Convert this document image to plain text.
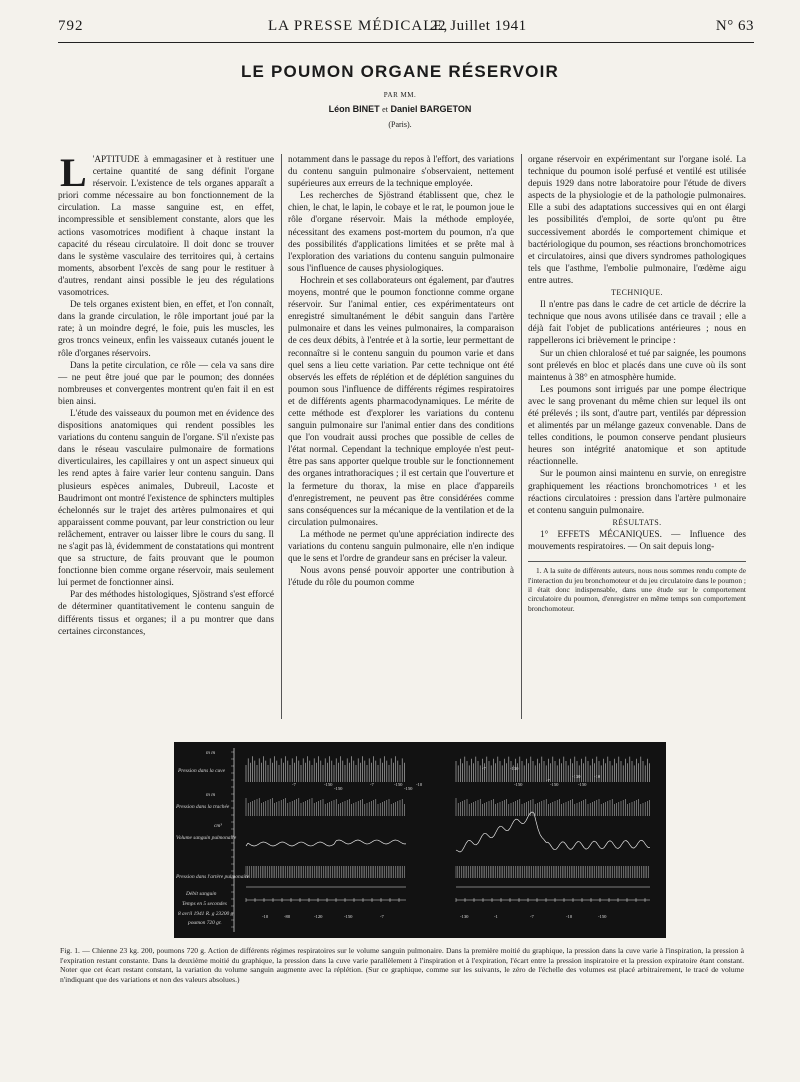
792	LA PRESSE MÉDICALE,
22 Juillet 1941	N° 63
LE POUMON ORGANE RÉSERVOIR
PAR MM.
Léon BINET et Daniel BARGETON
(Paris).

L 'APTITUDE à emmagasiner et à restituer une certaine quantité de sang définit l'organe réservoir. L'existence de tels organes apparaît a priori comme nécessaire au bon fonctionnement de la circulation. La masse sanguine est, en effet, incompressible et sensiblement constante, alors que les actions vasomotrices modifient à chaque instant la capacité du réseau circulatoire. Il doit donc se trouver dans le système vasculaire des territoires qui, à certains moments, absorbent l'excès de sang pour le restituer à d'autres, rendant ainsi possible le jeu des régulations vasomotrices.

De tels organes existent bien, en effet, et l'on connaît, dans la grande circulation, le rôle important joué par la rate; à un moindre degré, le foie, puis les muscles, les gros troncs veineux, enfin les vaisseaux cutanés jouent le rôle d'organes réservoirs.

Dans la petite circulation, ce rôle — cela va sans dire — ne peut être joué que par le poumon; des données nombreuses et convergentes montrent qu'en fait il en est bien ainsi.

L'étude des vaisseaux du poumon met en évidence des dispositions anatomiques qui rendent possibles les variations du contenu sanguin de l'organe. S'il n'existe pas dans le réseau vasculaire pulmonaire de formations diverticulaires, les capillaires y ont un aspect sinueux qui les rend aptes à faire varier leur contenu sanguin. Dans plusieurs espèces animales, Dubreuil, Lacoste et Baudrimont ont montré l'existence de sphincters multiples échelonnés sur le trajet des artères pulmonaires et qui apparaissent comme pouvant, par leur constriction ou leur relâchement, entraver ou laisser libre le cours du sang. Il ne s'agit pas là, évidemment de constatations qui montrent que sa structure, de faits prouvant que le poumon fonctionne bien comme organe réservoir, mais seulement lui permet de fonctionner ainsi.

Par des méthodes histologiques, Sjöstrand s'est efforcé de déterminer quantitativement le contenu sanguin de différents tissus et organes; il a pu montrer que dans certaines circonstances,

notamment dans le passage du repos à l'effort, des variations du contenu sanguin pulmonaire s'observaient, nettement supérieures aux erreurs de la technique employée.

Les recherches de Sjöstrand établissent que, chez le chien, le chat, le lapin, le cobaye et le rat, le poumon joue le rôle d'organe réservoir. Mais la méthode employée, nécessitant des examens post-mortem du poumon, n'a que des possibilités d'applications limitées et se prête mal à l'exploration des variations du contenu sanguin pulmonaire sous l'influence de causes physiologiques.

Hochrein et ses collaborateurs ont également, par d'autres moyens, montré que le poumon fonctionne comme organe réservoir. Sur l'animal entier, ces expérimentateurs ont enregistré simultanément le débit sanguin dans l'artère pulmonaire et dans les veines pulmonaires, la comparaison de ces deux débits, à l'entrée et à la sortie, leur permettant de reconnaître si le contenu sanguin du poumon varie et dans quel sens a lieu cette variation. Par cette technique ont été observés les effets de réplétion et de déplétion sanguines du poumon sous l'influence de différents régimes respiratoires et de différents agents pharmacodynamiques. Le mérite de cette méthode est d'explorer les variations du contenu sanguin pulmonaire sur l'animal entier dans des conditions que l'on voudrait aussi proches que possible de celles de l'état normal. Cependant la technique employée n'est peut-être pas sans apporter quelque trouble sur le fonctionnement des organes intrathoraciques ; il est certain que l'ouverture et la fermeture du thorax, la mise en place d'appareils d'enregistrement, ne peuvent pas être considérées comme sans conséquences sur la mécanique de la ventilation et de la circulation pulmonaires.

La méthode ne permet qu'une appréciation indirecte des variations du contenu sanguin pulmonaire, elle n'en indique que le sens et l'ordre de grandeur sans en préciser la valeur.

Nous avons pensé pouvoir apporter une contribution à l'étude du rôle du poumon comme

organe réservoir en expérimentant sur l'organe isolé. La technique du poumon isolé perfusé et ventilé est utilisée depuis 1929 dans notre laboratoire pour l'étude de divers aspects de la physiologie et de la pathologie pulmonaires. Elle a subi des adaptations successives qui en ont élargi les possibilités d'emploi, de sorte qu'ont pu être successivement abordés le comportement chimique et bactériologique du poumon, ses réactions bronchomotrices et circulatoires, ainsi que divers syndromes pathologiques tels que l'asthme, l'embolie pulmonaire, l'œdème aigu entre autres.

TECHNIQUE.

Il n'entre pas dans le cadre de cet article de décrire la technique que nous avons utilisée dans ce travail ; elle a déjà fait l'objet de publications antérieures ; nous en rappellerons ici brièvement le principe :

Sur un chien chloralosé et tué par saignée, les poumons sont prélevés en bloc et placés dans une cuve où ils sont maintenus à 38° en atmosphère humide.

Les poumons sont irrigués par une pompe électrique avec le sang provenant du même chien sur lequel ils ont été prélevés ; ils sont, d'autre part, ventilés par dépression et alimentés par un mélange gazeux convenable. Dans de telles conditions, le poumon conserve pendant plusieurs heures son intégrité anatomique et son aptitude réactionnelle.

Sur le poumon ainsi maintenu en survie, on enregistre graphiquement les réactions bronchomotrices ¹ et les réactions circulatoires : pression dans l'artère pulmonaire et contenu sanguin pulmonaire.

RÉSULTATS.

1° EFFETS MÉCANIQUES. — Influence des mouvements respiratoires. — On sait depuis long-

1. A la suite de différents auteurs, nous nous sommes rendu compte de l'interaction du jeu bronchomoteur et du jeu circulatoire dans le poumon ; il était donc indispensable, dans une étude sur le comportement circulatoire du poumon, d'enregistrer en même temps son comportement bronchomoteur.

m m
Pression dans la cuve
m m
Pression dans la trachée
cm³
Volume sanguin pulmonaire
Pression dans l'artère pulmonaire
Débit sanguin
Temps en 5 secondes
8 avril 1941 R. g 23200 g
poumon 720 gr.
-7	-150	-7	-150	-10
-150	-150
-7	-130
-7
-130	-10
-150	-150	-150
-10	-80	-120	-150	-7	-130	-1	-7	-10	-150
Fig. 1. — Chienne 23 kg. 200, poumons 720 g. Action de différents régimes respiratoires sur le volume sanguin pulmonaire. Dans la première moitié du graphique, la pression dans la cuve varie à l'inspiration, la pression à l'expiration restant constante. Dans la deuxième moitié du graphique, la pression dans la cuve varie parallèlement à l'inspiration et à l'expiration, l'écart entre la pression inspiratoire et la pression expiratoire étant constant. Noter que cet écart restant constant, la variation du volume sanguin augmente avec la réplétion. (Sur ce graphique, comme sur les suivants, le zéro de l'échelle des volumes est placé arbitrairement, le tracé de volume n'indiquant que des variations et non des valeurs absolues.)
